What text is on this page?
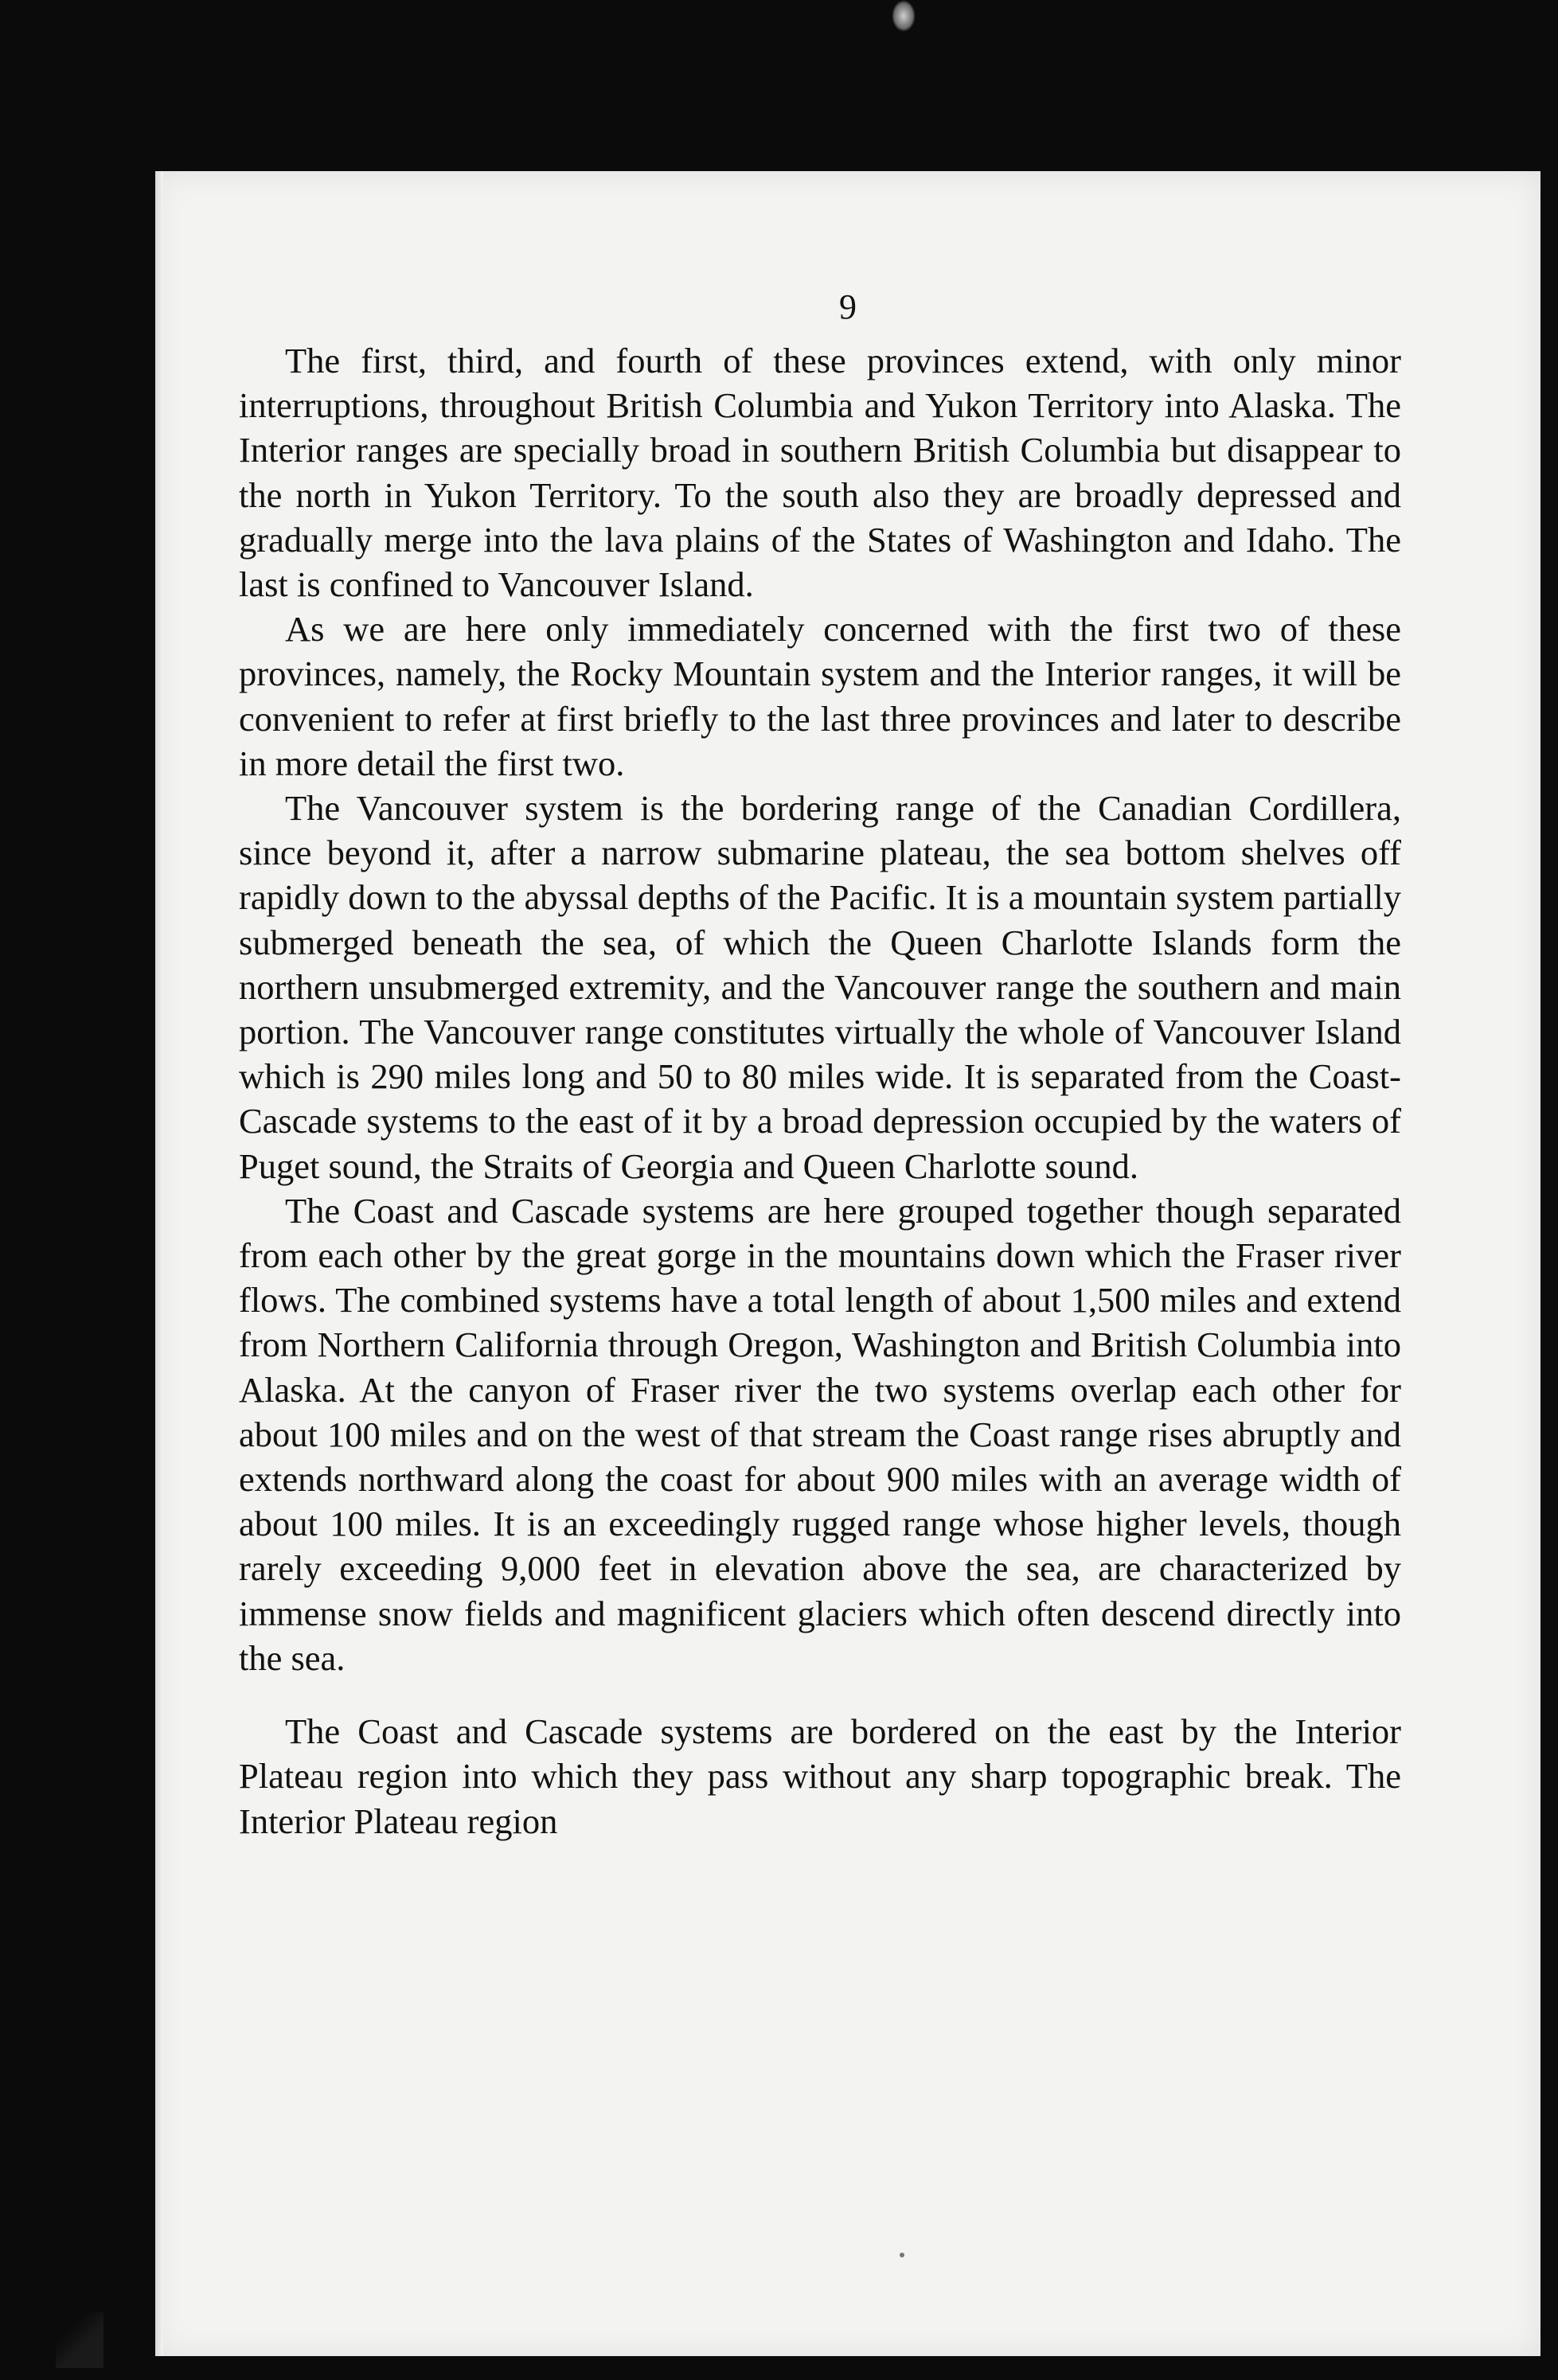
9

The first, third, and fourth of these provinces extend, with only minor interruptions, throughout British Columbia and Yukon Territory into Alaska. The Interior ranges are specially broad in southern British Columbia but disappear to the north in Yukon Territory. To the south also they are broadly depressed and gradually merge into the lava plains of the States of Washington and Idaho. The last is confined to Vancouver Island.

As we are here only immediately concerned with the first two of these provinces, namely, the Rocky Mountain system and the Interior ranges, it will be convenient to refer at first briefly to the last three provinces and later to describe in more detail the first two.

The Vancouver system is the bordering range of the Canadian Cordillera, since beyond it, after a narrow submarine plateau, the sea bottom shelves off rapidly down to the abyssal depths of the Pacific. It is a mountain system partially submerged beneath the sea, of which the Queen Charlotte Islands form the northern unsubmerged extremity, and the Vancouver range the southern and main portion. The Vancouver range constitutes virtually the whole of Vancouver Island which is 290 miles long and 50 to 80 miles wide. It is separated from the Coast-Cascade systems to the east of it by a broad depression occupied by the waters of Puget sound, the Straits of Georgia and Queen Charlotte sound.

The Coast and Cascade systems are here grouped together though separated from each other by the great gorge in the mountains down which the Fraser river flows. The combined systems have a total length of about 1,500 miles and extend from Northern California through Oregon, Washington and British Columbia into Alaska. At the canyon of Fraser river the two systems overlap each other for about 100 miles and on the west of that stream the Coast range rises abruptly and extends northward along the coast for about 900 miles with an average width of about 100 miles. It is an exceedingly rugged range whose higher levels, though rarely exceeding 9,000 feet in elevation above the sea, are characterized by immense snow fields and magnificent glaciers which often descend directly into the sea.

The Coast and Cascade systems are bordered on the east by the Interior Plateau region into which they pass without any sharp topographic break. The Interior Plateau region
